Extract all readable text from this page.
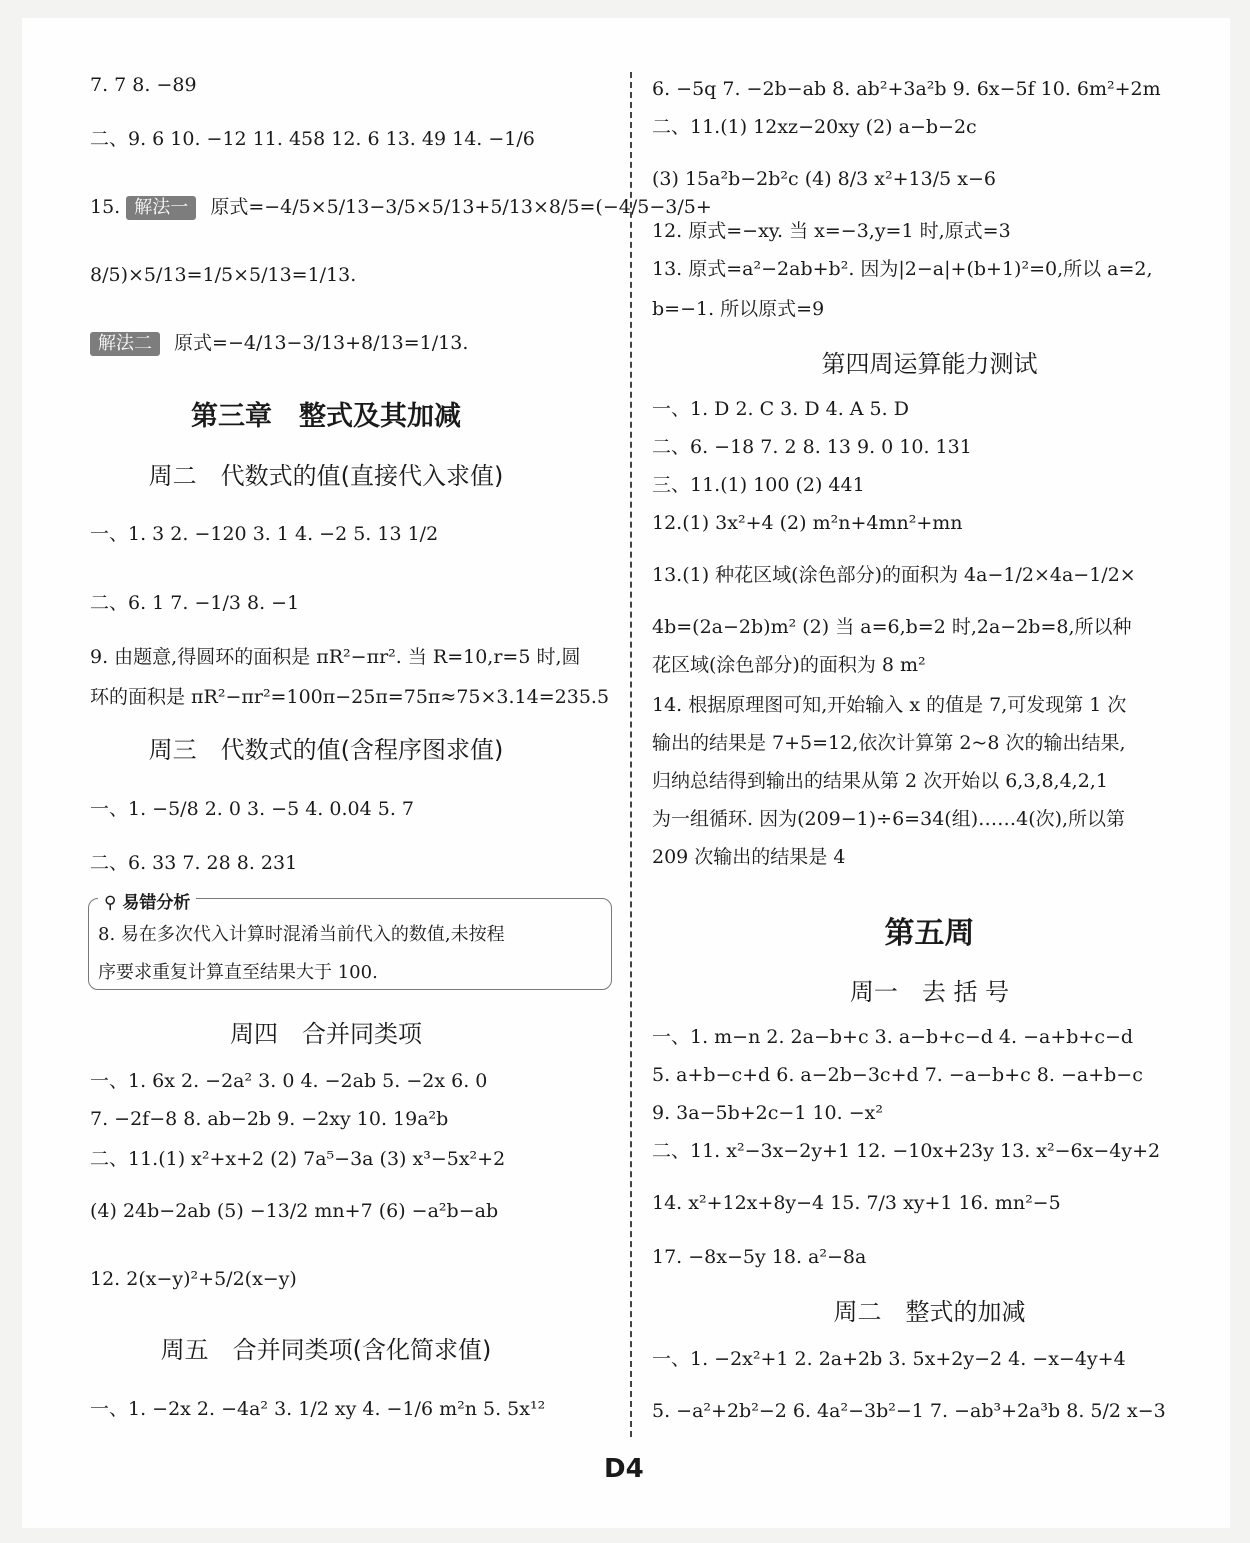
7. 7 8. −89
二、9. 6 10. −12 11. 458 12. 6 13. 49 14. −1/6
15. 解法一 原式=−4/5×5/13−3/5×5/13+5/13×8/5=(−4/5−3/5+
8/5)×5/13=1/5×5/13=1/13.
解法二 原式=−4/13−3/13+8/13=1/13.
第三章　整式及其加减
周二　代数式的值(直接代入求值)
一、1. 3 2. −120 3. 1 4. −2 5. 13 1/2
二、6. 1 7. −1/3 8. −1
9. 由题意,得圆环的面积是 πR²−πr². 当 R=10,r=5 时,圆
环的面积是 πR²−πr²=100π−25π=75π≈75×3.14=235.5
周三　代数式的值(含程序图求值)
一、1. −5/8 2. 0 3. −5 4. 0.04 5. 7
二、6. 33 7. 28 8. 231
⚲ 易错分析
8. 易在多次代入计算时混淆当前代入的数值,未按程
序要求重复计算直至结果大于 100.
周四　合并同类项
一、1. 6x 2. −2a² 3. 0 4. −2ab 5. −2x 6. 0
7. −2f−8 8. ab−2b 9. −2xy 10. 19a²b
二、11.(1) x²+x+2 (2) 7a⁵−3a (3) x³−5x²+2
(4) 24b−2ab (5) −13/2 mn+7 (6) −a²b−ab
12. 2(x−y)²+5/2(x−y)
周五　合并同类项(含化简求值)
一、1. −2x 2. −4a² 3. 1/2 xy 4. −1/6 m²n 5. 5x¹²
6. −5q 7. −2b−ab 8. ab²+3a²b 9. 6x−5f 10. 6m²+2m
二、11.(1) 12xz−20xy (2) a−b−2c
(3) 15a²b−2b²c (4) 8/3 x²+13/5 x−6
12. 原式=−xy. 当 x=−3,y=1 时,原式=3
13. 原式=a²−2ab+b². 因为|2−a|+(b+1)²=0,所以 a=2,
b=−1. 所以原式=9
第四周运算能力测试
一、1. D 2. C 3. D 4. A 5. D
二、6. −18 7. 2 8. 13 9. 0 10. 131
三、11.(1) 100 (2) 441
12.(1) 3x²+4 (2) m²n+4mn²+mn
13.(1) 种花区域(涂色部分)的面积为 4a−1/2×4a−1/2×
4b=(2a−2b)m² (2) 当 a=6,b=2 时,2a−2b=8,所以种
花区域(涂色部分)的面积为 8 m²
14. 根据原理图可知,开始输入 x 的值是 7,可发现第 1 次
输出的结果是 7+5=12,依次计算第 2~8 次的输出结果,
归纳总结得到输出的结果从第 2 次开始以 6,3,8,4,2,1
为一组循环. 因为(209−1)÷6=34(组)……4(次),所以第
209 次输出的结果是 4
第五周
周一　去 括 号
一、1. m−n 2. 2a−b+c 3. a−b+c−d 4. −a+b+c−d
5. a+b−c+d 6. a−2b−3c+d 7. −a−b+c 8. −a+b−c
9. 3a−5b+2c−1 10. −x²
二、11. x²−3x−2y+1 12. −10x+23y 13. x²−6x−4y+2
14. x²+12x+8y−4 15. 7/3 xy+1 16. mn²−5
17. −8x−5y 18. a²−8a
周二　整式的加减
一、1. −2x²+1 2. 2a+2b 3. 5x+2y−2 4. −x−4y+4
5. −a²+2b²−2 6. 4a²−3b²−1 7. −ab³+2a³b 8. 5/2 x−3
D4
